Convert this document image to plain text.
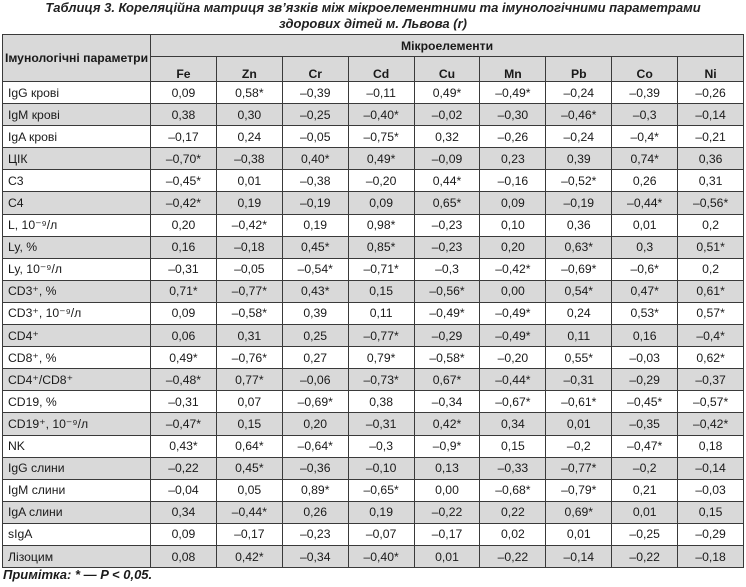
Таблиця 3. Кореляційна матриця зв’язків між мікроелементними та імунологічними параметрами
здорових дітей м. Львова (r)
Імунологічні параметри	Мікроелементи								
	Fe	Zn	Cr	Cd	Cu	Mn	Pb	Co	Ni
IgG крові	0,09	0,58*	–0,39	–0,11	0,49*	–0,49*	–0,24	–0,39	–0,26
IgM крові	0,38	0,30	–0,25	–0,40*	–0,02	–0,30	–0,46*	–0,3	–0,14
IgA крові	–0,17	0,24	–0,05	–0,75*	0,32	–0,26	–0,24	–0,4*	–0,21
ЦІК	–0,70*	–0,38	0,40*	0,49*	–0,09	0,23	0,39	0,74*	0,36
C3	–0,45*	0,01	–0,38	–0,20	0,44*	–0,16	–0,52*	0,26	0,31
C4	–0,42*	0,19	–0,19	0,09	0,65*	0,09	–0,19	–0,44*	–0,56*
L, 10⁻⁹/л	0,20	–0,42*	0,19	0,98*	–0,23	0,10	0,36	0,01	0,2
Ly, %	0,16	–0,18	0,45*	0,85*	–0,23	0,20	0,63*	0,3	0,51*
Ly, 10⁻⁹/л	–0,31	–0,05	–0,54*	–0,71*	–0,3	–0,42*	–0,69*	–0,6*	0,2
CD3⁺, %	0,71*	–0,77*	0,43*	0,15	–0,56*	0,00	0,54*	0,47*	0,61*
CD3⁺, 10⁻⁹/л	0,09	–0,58*	0,39	0,11	–0,49*	–0,49*	0,24	0,53*	0,57*
CD4⁺	0,06	0,31	0,25	–0,77*	–0,29	–0,49*	0,11	0,16	–0,4*
CD8⁺, %	0,49*	–0,76*	0,27	0,79*	–0,58*	–0,20	0,55*	–0,03	0,62*
CD4⁺/CD8⁺	–0,48*	0,77*	–0,06	–0,73*	0,67*	–0,44*	–0,31	–0,29	–0,37
CD19, %	–0,31	0,07	–0,69*	0,38	–0,34	–0,67*	–0,61*	–0,45*	–0,57*
CD19⁺, 10⁻⁹/л	–0,47*	0,15	0,20	–0,31	0,42*	0,34	0,01	–0,35	–0,42*
NK	0,43*	0,64*	–0,64*	–0,3	–0,9*	0,15	–0,2	–0,47*	0,18
IgG слини	–0,22	0,45*	–0,36	–0,10	0,13	–0,33	–0,77*	–0,2	–0,14
IgM слини	–0,04	0,05	0,89*	–0,65*	0,00	–0,68*	–0,79*	0,21	–0,03
IgA слини	0,34	–0,44*	0,26	0,19	–0,22	0,22	0,69*	0,01	0,15
sIgA	0,09	–0,17	–0,23	–0,07	–0,17	0,02	0,01	–0,25	–0,29
Лізоцим	0,08	0,42*	–0,34	–0,40*	0,01	–0,22	–0,14	–0,22	–0,18
Примітка: * — P < 0,05.
